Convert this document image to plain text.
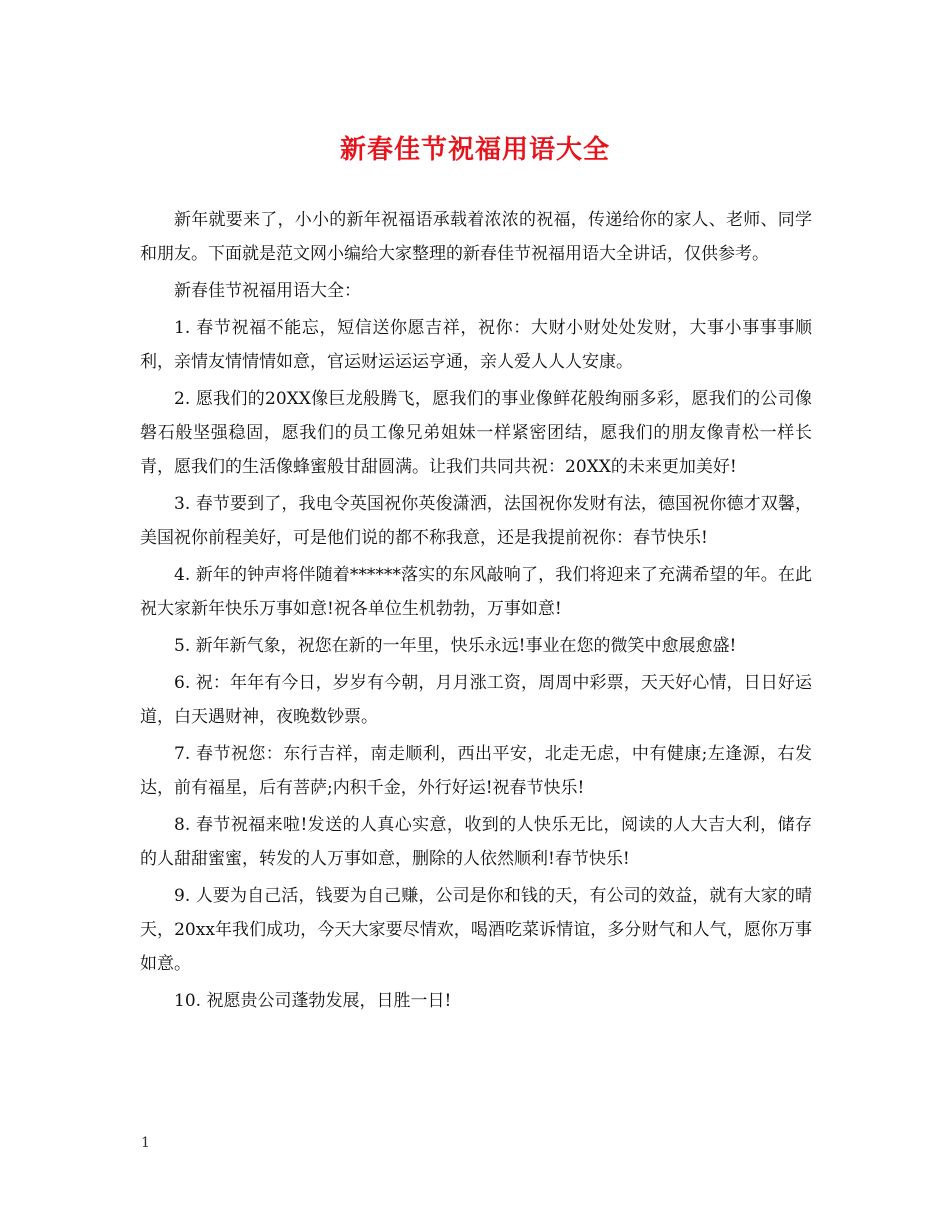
新春佳节祝福用语大全

新年就要来了，小小的新年祝福语承载着浓浓的祝福，传递给你的家人、老师、同学和朋友。下面就是范文网小编给大家整理的新春佳节祝福用语大全讲话，仅供参考。

新春佳节祝福用语大全：

1. 春节祝福不能忘，短信送你愿吉祥，祝你：大财小财处处发财，大事小事事事顺利，亲情友情情情如意，官运财运运运亨通，亲人爱人人人安康。

2. 愿我们的20XX像巨龙般腾飞，愿我们的事业像鲜花般绚丽多彩，愿我们的公司像磐石般坚强稳固，愿我们的员工像兄弟姐妹一样紧密团结，愿我们的朋友像青松一样长青，愿我们的生活像蜂蜜般甘甜圆满。让我们共同共祝：20XX的未来更加美好!

3. 春节要到了，我电令英国祝你英俊潇洒，法国祝你发财有法，德国祝你德才双馨，美国祝你前程美好，可是他们说的都不称我意，还是我提前祝你：春节快乐!

4. 新年的钟声将伴随着******落实的东风敲响了，我们将迎来了充满希望的年。在此祝大家新年快乐万事如意!祝各单位生机勃勃，万事如意!

5. 新年新气象，祝您在新的一年里，快乐永远!事业在您的微笑中愈展愈盛!

6. 祝：年年有今日，岁岁有今朝，月月涨工资，周周中彩票，天天好心情，日日好运道，白天遇财神，夜晚数钞票。

7. 春节祝您：东行吉祥，南走顺利，西出平安，北走无虑，中有健康;左逢源，右发达，前有福星，后有菩萨;内积千金，外行好运!祝春节快乐!

8. 春节祝福来啦!发送的人真心实意，收到的人快乐无比，阅读的人大吉大利，储存的人甜甜蜜蜜，转发的人万事如意，删除的人依然顺利!春节快乐!

9. 人要为自己活，钱要为自己赚，公司是你和钱的天，有公司的效益，就有大家的晴天，20xx年我们成功，今天大家要尽情欢，喝酒吃菜诉情谊，多分财气和人气，愿你万事如意。

10. 祝愿贵公司蓬勃发展，日胜一日!

1
